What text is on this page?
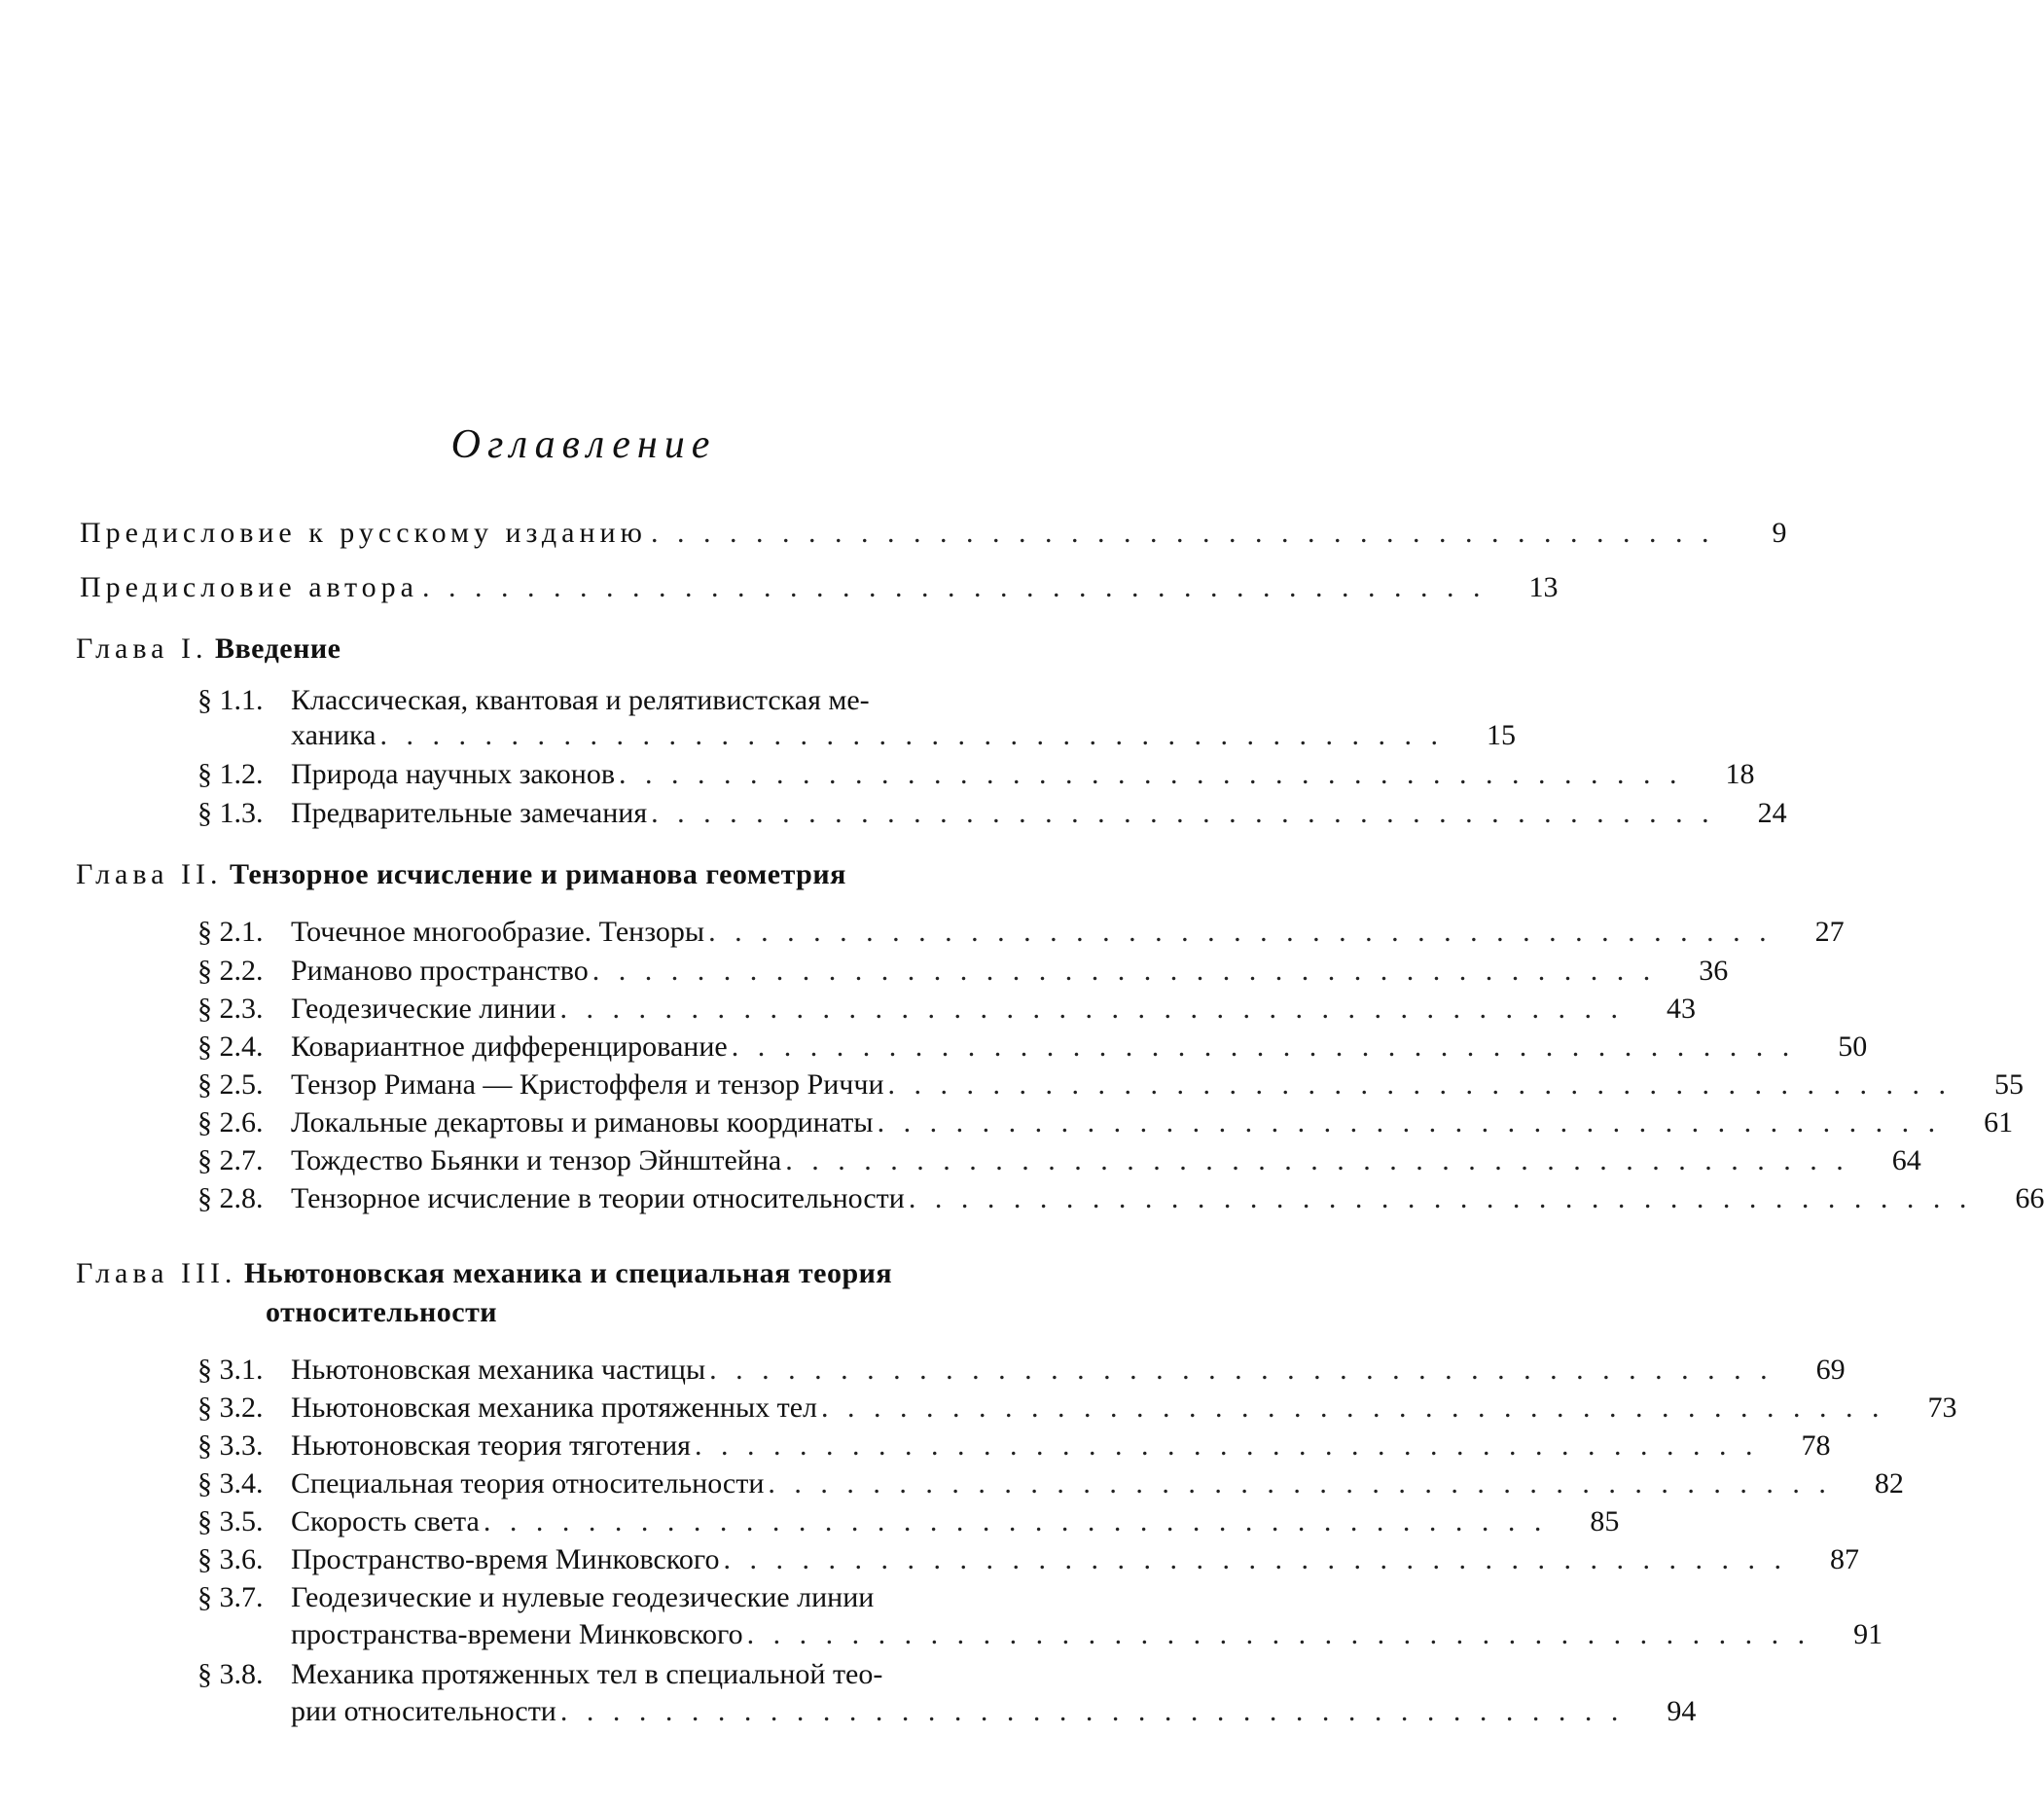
Оглавление
Предисловие к русскому изданию . . . . . . . . . . . . . . . . . . . . . . . . . . . . . . . . . . . . . . . . .	9
Предисловие автора . . . . . . . . . . . . . . . . . . . . . . . . . . . . . . . . . . . . . . . . .	13
Глава I. Введение
§ 1.1. Классическая, квантовая и релятивистская ме-
ханика . . . . . . . . . . . . . . . . . . . . . . . . . . . . . . . . . . . . . . . . .	15
§ 1.2. Природа научных законов . . . . . . . . . . . . . . . . . . . . . . . . . . . . . . . . . . . . . . . . .	18
§ 1.3. Предварительные замечания . . . . . . . . . . . . . . . . . . . . . . . . . . . . . . . . . . . . . . . . .	24
Глава II. Тензорное исчисление и риманова геометрия
§ 2.1. Точечное многообразие. Тензоры . . . . . . . . . . . . . . . . . . . . . . . . . . . . . . . . . . . . . . . . .	27
§ 2.2. Риманово пространство . . . . . . . . . . . . . . . . . . . . . . . . . . . . . . . . . . . . . . . . .	36
§ 2.3. Геодезические линии . . . . . . . . . . . . . . . . . . . . . . . . . . . . . . . . . . . . . . . . .	43
§ 2.4. Ковариантное дифференцирование . . . . . . . . . . . . . . . . . . . . . . . . . . . . . . . . . . . . . . . . .	50
§ 2.5. Тензор Римана — Кристоффеля и тензор Риччи . . . . . . . . . . . . . . . . . . . . . . . . . . . . . . . . . . . . . . . . .	55
§ 2.6. Локальные декартовы и римановы координаты . . . . . . . . . . . . . . . . . . . . . . . . . . . . . . . . . . . . . . . . .	61
§ 2.7. Тождество Бьянки и тензор Эйнштейна . . . . . . . . . . . . . . . . . . . . . . . . . . . . . . . . . . . . . . . . .	64
§ 2.8. Тензорное исчисление в теории относительности . . . . . . . . . . . . . . . . . . . . . . . . . . . . . . . . . . . . . . . . .	66
Глава III. Ньютоновская механика и специальная теория
относительности
§ 3.1. Ньютоновская механика частицы . . . . . . . . . . . . . . . . . . . . . . . . . . . . . . . . . . . . . . . . .	69
§ 3.2. Ньютоновская механика протяженных тел . . . . . . . . . . . . . . . . . . . . . . . . . . . . . . . . . . . . . . . . .	73
§ 3.3. Ньютоновская теория тяготения . . . . . . . . . . . . . . . . . . . . . . . . . . . . . . . . . . . . . . . . .	78
§ 3.4. Специальная теория относительности . . . . . . . . . . . . . . . . . . . . . . . . . . . . . . . . . . . . . . . . .	82
§ 3.5. Скорость света . . . . . . . . . . . . . . . . . . . . . . . . . . . . . . . . . . . . . . . . .	85
§ 3.6. Пространство-время Минковского . . . . . . . . . . . . . . . . . . . . . . . . . . . . . . . . . . . . . . . . .	87
§ 3.7. Геодезические и нулевые геодезические линии
пространства-времени Минковского . . . . . . . . . . . . . . . . . . . . . . . . . . . . . . . . . . . . . . . . .	91
§ 3.8. Механика протяженных тел в специальной тео-
рии относительности . . . . . . . . . . . . . . . . . . . . . . . . . . . . . . . . . . . . . . . . .	94
